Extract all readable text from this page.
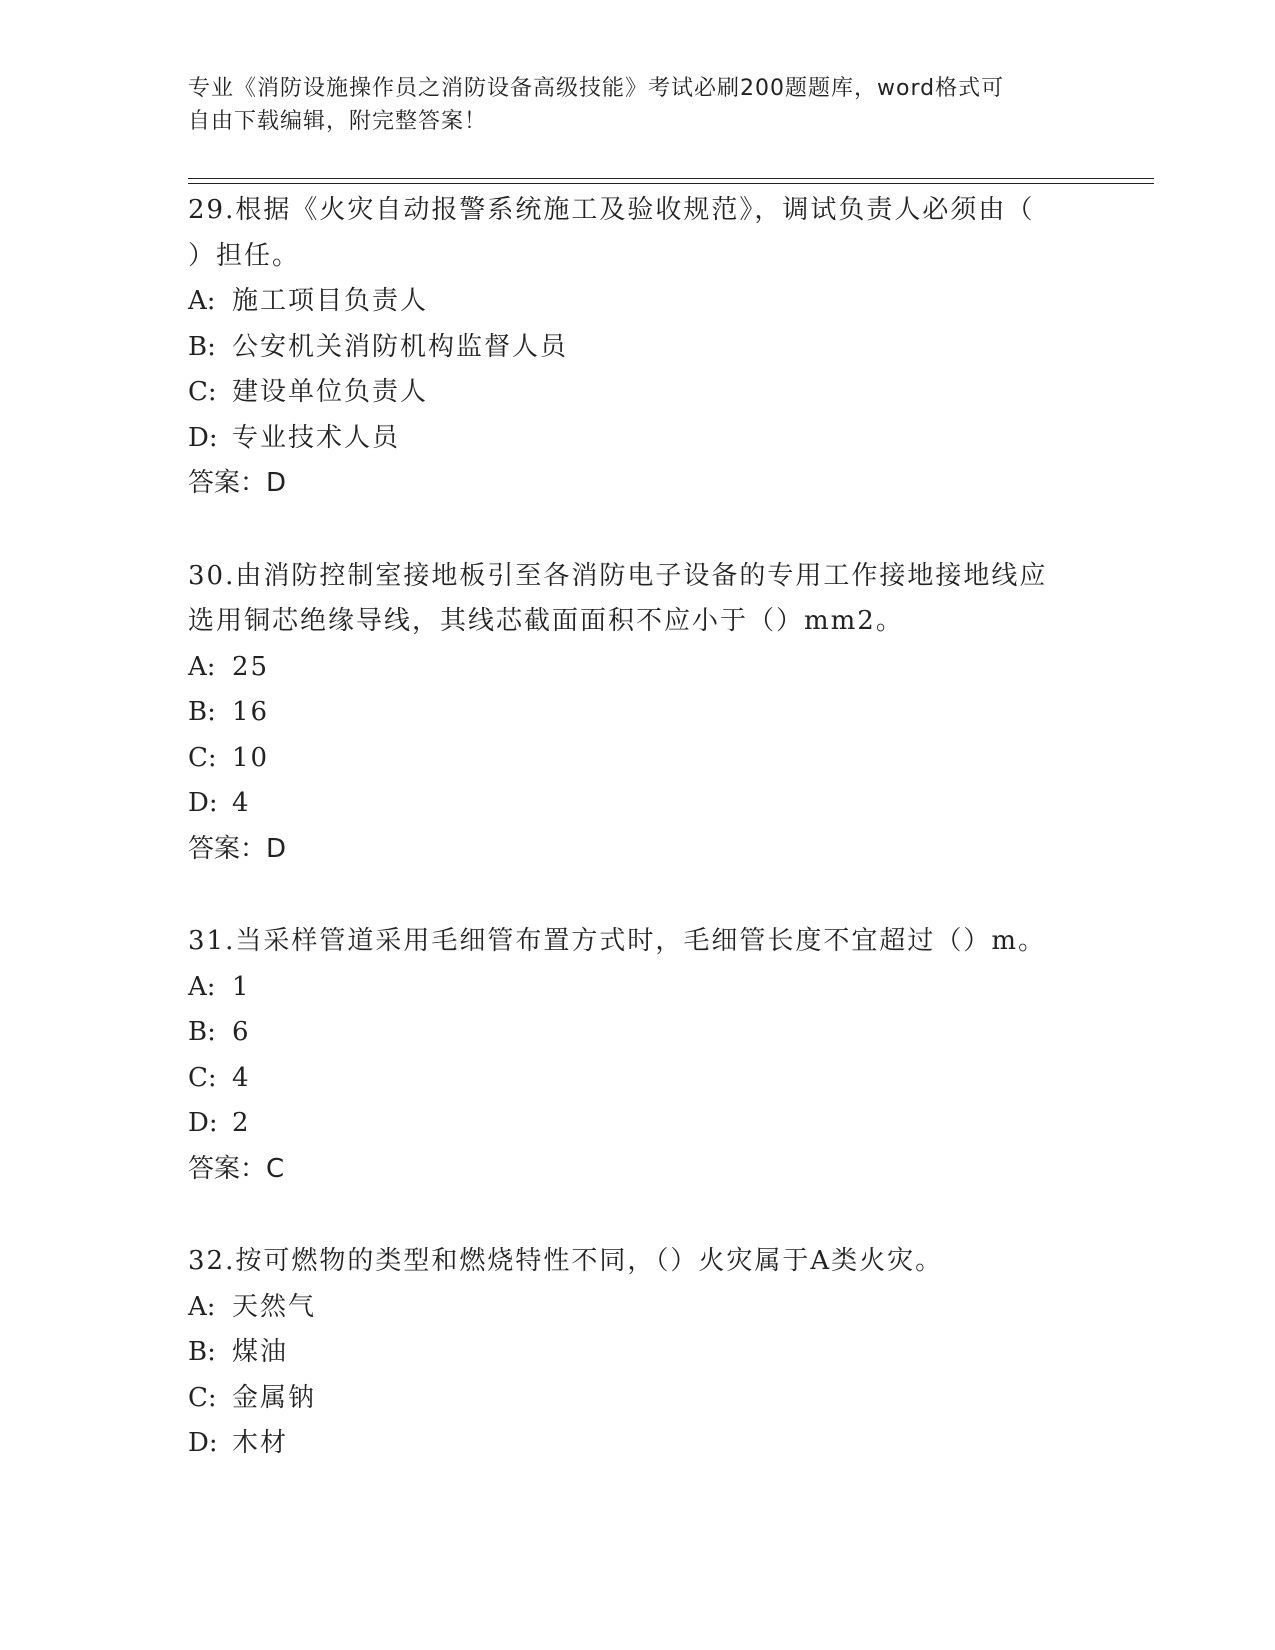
专业《消防设施操作员之消防设备高级技能》考试必刷200题题库，word格式可
自由下载编辑，附完整答案！

29.根据《火灾自动报警系统施工及验收规范》，调试负责人必须由（
）担任。

A: 施工项目负责人

B: 公安机关消防机构监督人员

C: 建设单位负责人

D: 专业技术人员

答案：D

30.由消防控制室接地板引至各消防电子设备的专用工作接地接地线应
选用铜芯绝缘导线，其线芯截面面积不应小于（）mm2。

A: 25

B: 16

C: 10

D: 4

答案：D

31.当采样管道采用毛细管布置方式时，毛细管长度不宜超过（）m。

A: 1

B: 6

C: 4

D: 2

答案：C

32.按可燃物的类型和燃烧特性不同，（）火灾属于A类火灾。

A: 天然气

B: 煤油

C: 金属钠

D: 木材
